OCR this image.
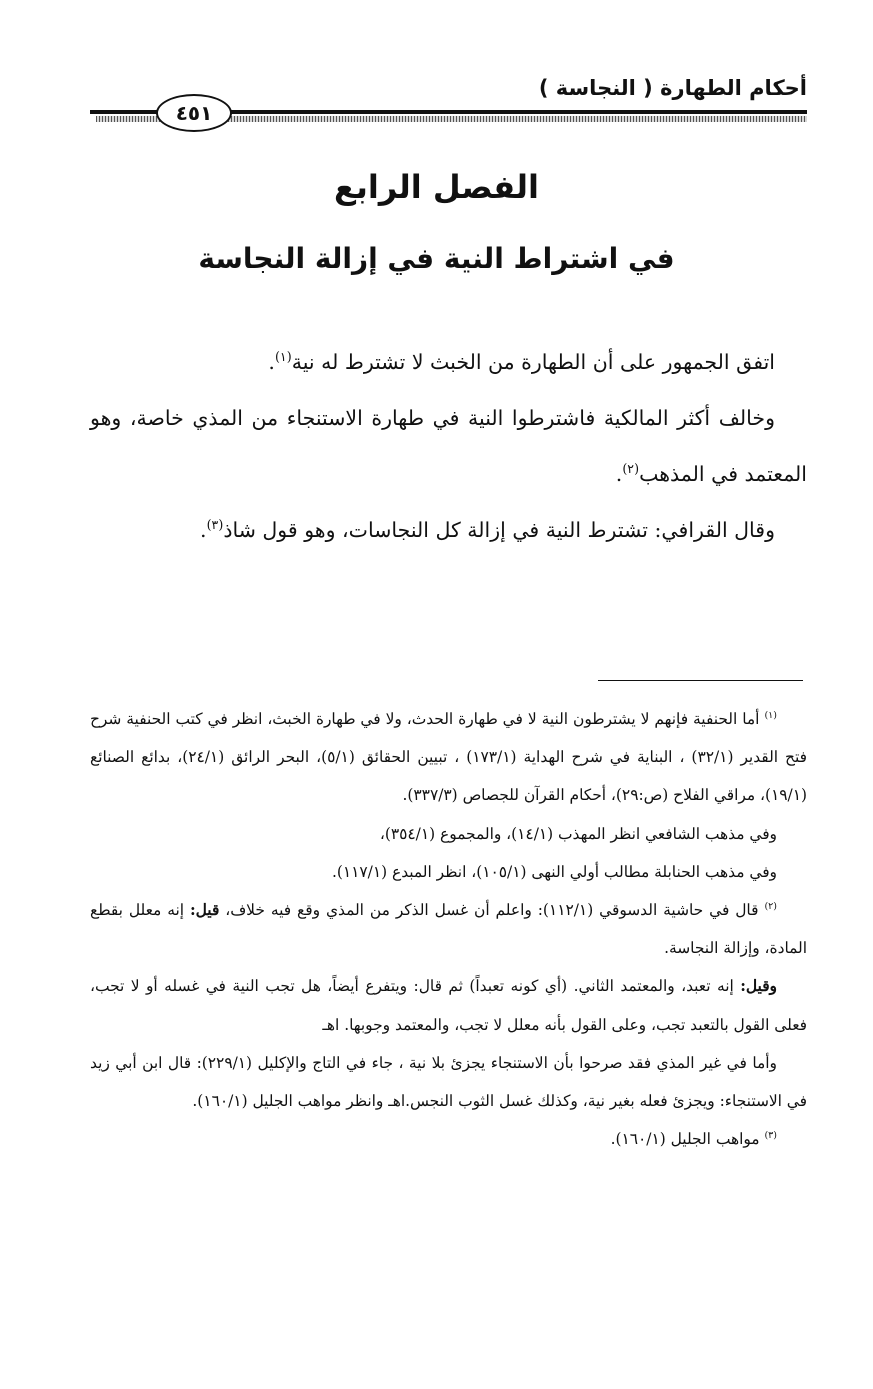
أحكام الطهارة ( النجاسة )
٤٥١
الفصل الرابع
في اشتراط النية في إزالة النجاسة

اتفق الجمهور على أن الطهارة من الخبث لا تشترط له نية$^{(١)}$.

وخالف أكثر المالكية فاشترطوا النية في طهارة الاستنجاء من المذي خاصة، وهو المعتمد في المذهب$^{(٢)}$.

وقال القرافي: تشترط النية في إزالة كل النجاسات، وهو قول شاذ$^{(٣)}$.

$^{(١)}$ أما الحنفية فإنهم لا يشترطون النية لا في طهارة الحدث، ولا في طهارة الخبث، انظر في كتب الحنفية شرح فتح القدير (٣٢/١) ، البناية في شرح الهداية (١٧٣/١) ، تبيين الحقائق (٥/١)، البحر الرائق (٢٤/١)، بدائع الصنائع (١٩/١)، مراقي الفلاح (ص:٢٩)، أحكام القرآن للجصاص (٣٣٧/٣).

وفي مذهب الشافعي انظر المهذب (١٤/١)، والمجموع (٣٥٤/١)،

وفي مذهب الحنابلة مطالب أولي النهى (١٠٥/١)، انظر المبدع (١١٧/١).

$^{(٢)}$ قال في حاشية الدسوقي (١١٢/١): واعلم أن غسل الذكر من المذي وقع فيه خلاف، قيل: إنه معلل بقطع المادة، وإزالة النجاسة.

وقيل: إنه تعبد، والمعتمد الثاني. (أي كونه تعبداً) ثم قال: ويتفرع أيضاً، هل تجب النية في غسله أو لا تجب، فعلى القول بالتعبد تجب، وعلى القول بأنه معلل لا تجب، والمعتمد وجوبها. اهـ

وأما في غير المذي فقد صرحوا بأن الاستنجاء يجزئ بلا نية ، جاء في التاج والإكليل (٢٢٩/١): قال ابن أبي زيد في الاستنجاء: ويجزئ فعله بغير نية، وكذلك غسل الثوب النجس.اهـ وانظر مواهب الجليل (١٦٠/١).

$^{(٣)}$ مواهب الجليل (١٦٠/١).
